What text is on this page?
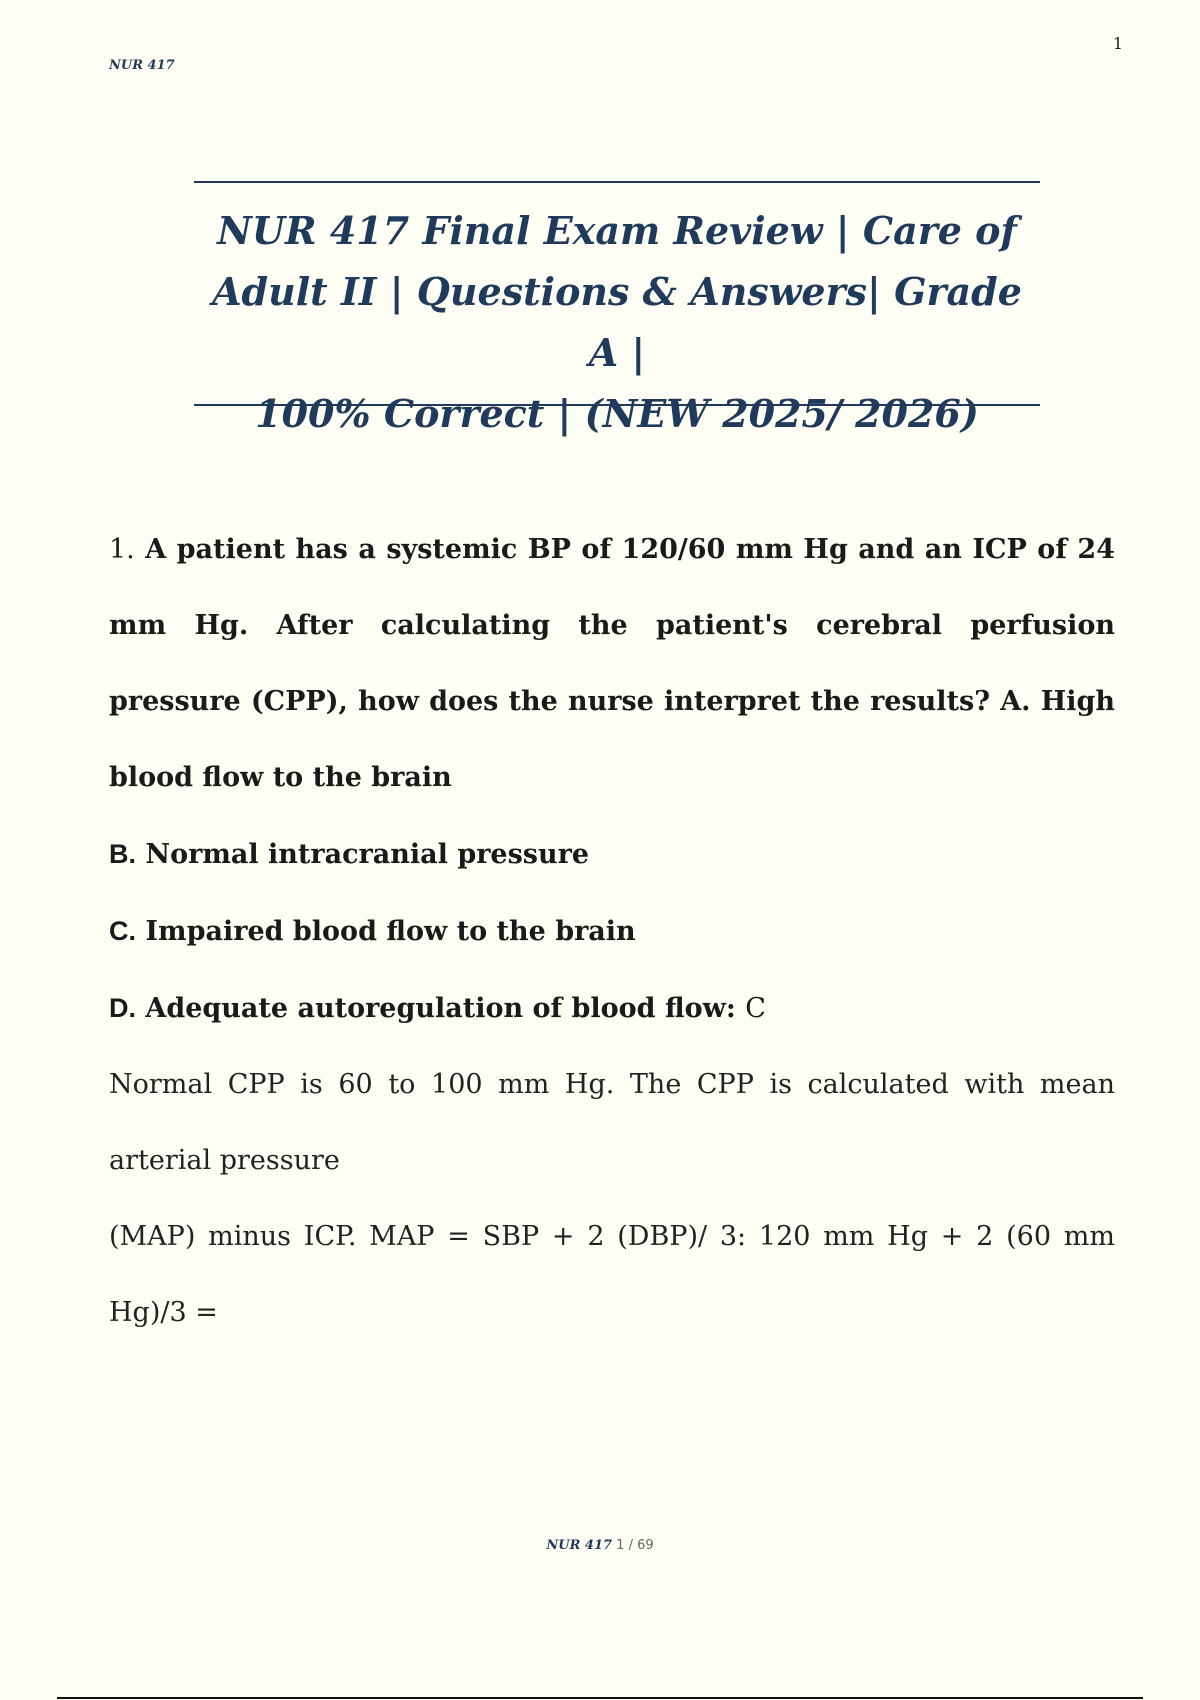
NUR 417
1
NUR 417 Final Exam Review | Care of
Adult II | Questions & Answers| Grade A |
100% Correct | (NEW 2025/ 2026)

1. A patient has a systemic BP of 120/60 mm Hg and an ICP of 24 mm Hg. After calculating the patient's cerebral perfusion pressure (CPP), how does the nurse interpret the results? A. High blood flow to the brain

B. Normal intracranial pressure

C. Impaired blood flow to the brain

D. Adequate autoregulation of blood flow: C

Normal CPP is 60 to 100 mm Hg. The CPP is calculated with mean arterial pressure

(MAP) minus ICP. MAP = SBP + 2 (DBP)/ 3: 120 mm Hg + 2 (60 mm Hg)/3 =

NUR 417 1 / 69
